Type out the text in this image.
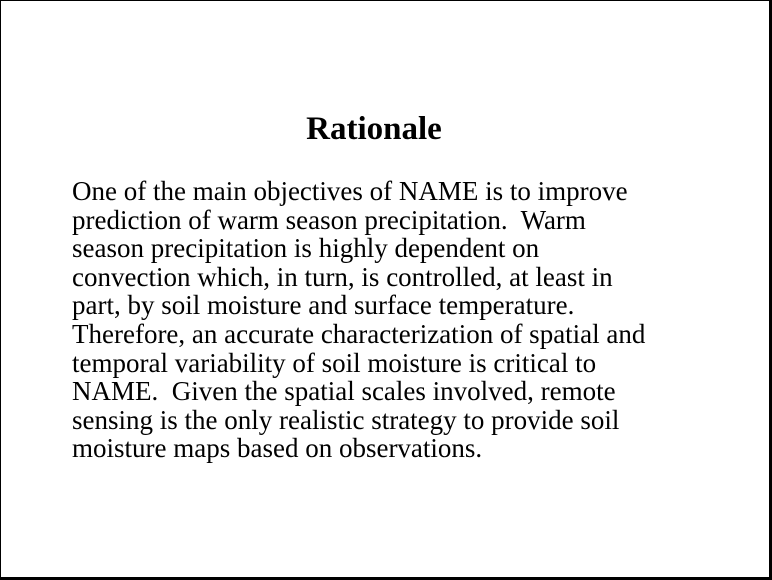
Rationale
One of the main objectives of NAME is to improve
prediction of warm season precipitation.  Warm
season precipitation is highly dependent on
convection which, in turn, is controlled, at least in
part, by soil moisture and surface temperature.
Therefore, an accurate characterization of spatial and
temporal variability of soil moisture is critical to
NAME.  Given the spatial scales involved, remote
sensing is the only realistic strategy to provide soil
moisture maps based on observations.
